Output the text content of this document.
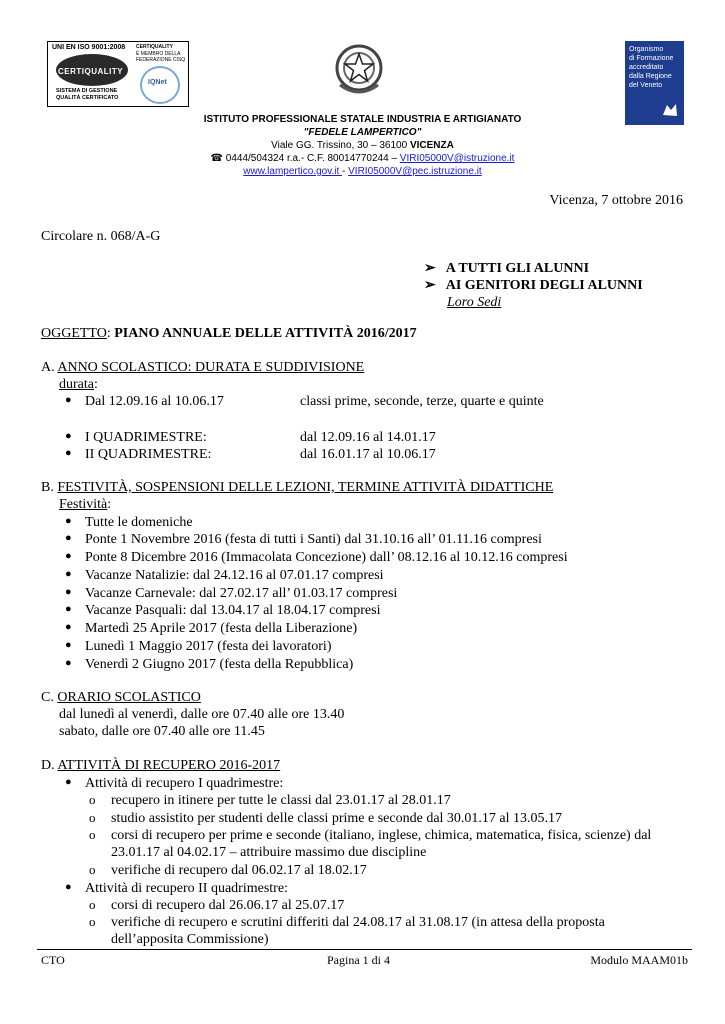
UNI EN ISO 9001:2008
CERTIQUALITY
SISTEMA DI GESTIONE
QUALITÀ CERTIFICATO
CERTIQUALITY
È MEMBRO DELLA
FEDERAZIONE CISQ
IQNet
Organismo
di Formazione
accreditato
dalla Regione
del Veneto
ISTITUTO PROFESSIONALE STATALE INDUSTRIA E ARTIGIANATO
"FEDELE LAMPERTICO"
Viale GG. Trissino, 30 – 36100 VICENZA
☎ 0444/504324 r.a.- C.F. 80014770244 – VIRI05000V@istruzione.it
www.lampertico.gov.it - VIRI05000V@pec.istruzione.it
Vicenza, 7 ottobre 2016
Circolare n. 068/A-G
➢ A TUTTI GLI ALUNNI
➢ AI GENITORI DEGLI ALUNNI
Loro Sedi
OGGETTO: PIANO ANNUALE DELLE ATTIVITÀ 2016/2017
A. ANNO SCOLASTICO: DURATA E SUDDIVISIONE
durata:
● Dal 12.09.16 al 10.06.17	classi prime, seconde, terze, quarte e quinte
● I QUADRIMESTRE:	dal 12.09.16 al 14.01.17
● II QUADRIMESTRE:	dal 16.01.17 al 10.06.17
B. FESTIVITÀ, SOSPENSIONI DELLE LEZIONI, TERMINE ATTIVITÀ DIDATTICHE
Festività:
● Tutte le domeniche
● Ponte 1 Novembre 2016 (festa di tutti i Santi) dal 31.10.16 all’ 01.11.16 compresi
● Ponte 8 Dicembre 2016 (Immacolata Concezione) dall’ 08.12.16 al 10.12.16 compresi
● Vacanze Natalizie: dal 24.12.16 al 07.01.17 compresi
● Vacanze Carnevale: dal 27.02.17 all’ 01.03.17 compresi
● Vacanze Pasquali: dal 13.04.17 al 18.04.17 compresi
● Martedì 25 Aprile 2017 (festa della Liberazione)
● Lunedì 1 Maggio 2017 (festa dei lavoratori)
● Venerdì 2 Giugno 2017 (festa della Repubblica)
C. ORARIO SCOLASTICO
dal lunedì al venerdì, dalle ore 07.40 alle ore 13.40
sabato, dalle ore 07.40 alle ore 11.45
D. ATTIVITÀ DI RECUPERO 2016-2017
● Attività di recupero I quadrimestre:
o recupero in itinere per tutte le classi dal 23.01.17 al 28.01.17
o studio assistito per studenti delle classi prime e seconde dal 30.01.17 al 13.05.17
o corsi di recupero per prime e seconde (italiano, inglese, chimica, matematica, fisica, scienze) dal
23.01.17 al 04.02.17 – attribuire massimo due discipline
o verifiche di recupero dal 06.02.17 al 18.02.17
● Attività di recupero II quadrimestre:
o corsi di recupero dal 26.06.17 al 25.07.17
o verifiche di recupero e scrutini differiti dal 24.08.17 al 31.08.17 (in attesa della proposta
dell’apposita Commissione)
CTO	Pagina 1 di 4	Modulo MAAM01b
